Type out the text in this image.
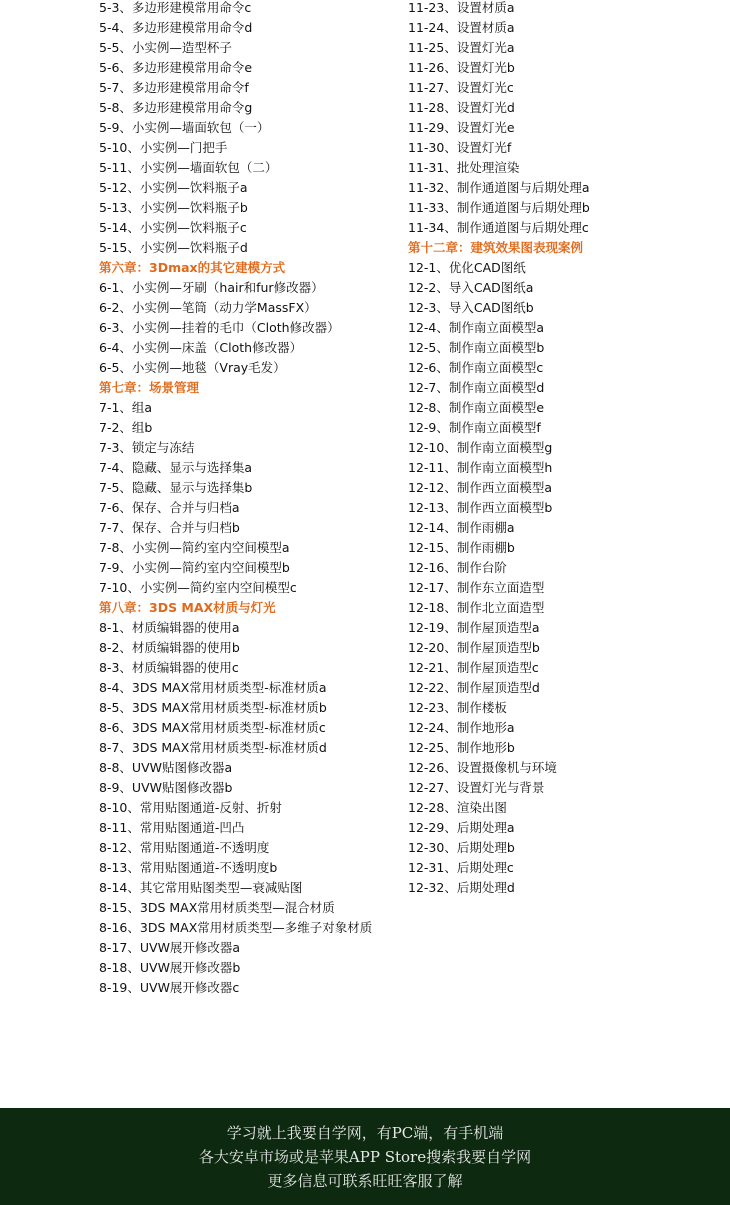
5-3、多边形建模常用命令c
5-4、多边形建模常用命令d
5-5、小实例—造型杯子
5-6、多边形建模常用命令e
5-7、多边形建模常用命令f
5-8、多边形建模常用命令g
5-9、小实例—墙面软包（一）
5-10、小实例—门把手
5-11、小实例—墙面软包（二）
5-12、小实例—饮料瓶子a
5-13、小实例—饮料瓶子b
5-14、小实例—饮料瓶子c
5-15、小实例—饮料瓶子d
第六章：3Dmax的其它建模方式
6-1、小实例—牙刷（hair和fur修改器）
6-2、小实例—笔筒（动力学MassFX）
6-3、小实例—挂着的毛巾（Cloth修改器）
6-4、小实例—床盖（Cloth修改器）
6-5、小实例—地毯（Vray毛发）
第七章：场景管理
7-1、组a
7-2、组b
7-3、锁定与冻结
7-4、隐藏、显示与选择集a
7-5、隐藏、显示与选择集b
7-6、保存、合并与归档a
7-7、保存、合并与归档b
7-8、小实例—简约室内空间模型a
7-9、小实例—简约室内空间模型b
7-10、小实例—简约室内空间模型c
第八章：3DS MAX材质与灯光
8-1、材质编辑器的使用a
8-2、材质编辑器的使用b
8-3、材质编辑器的使用c
8-4、3DS MAX常用材质类型-标准材质a
8-5、3DS MAX常用材质类型-标准材质b
8-6、3DS MAX常用材质类型-标准材质c
8-7、3DS MAX常用材质类型-标准材质d
8-8、UVW贴图修改器a
8-9、UVW贴图修改器b
8-10、常用贴图通道-反射、折射
8-11、常用贴图通道-凹凸
8-12、常用贴图通道-不透明度
8-13、常用贴图通道-不透明度b
8-14、其它常用贴图类型—衰减贴图
8-15、3DS MAX常用材质类型—混合材质
8-16、3DS MAX常用材质类型—多维子对象材质
8-17、UVW展开修改器a
8-18、UVW展开修改器b
8-19、UVW展开修改器c
11-23、设置材质a
11-24、设置材质a
11-25、设置灯光a
11-26、设置灯光b
11-27、设置灯光c
11-28、设置灯光d
11-29、设置灯光e
11-30、设置灯光f
11-31、批处理渲染
11-32、制作通道图与后期处理a
11-33、制作通道图与后期处理b
11-34、制作通道图与后期处理c
第十二章：建筑效果图表现案例
12-1、优化CAD图纸
12-2、导入CAD图纸a
12-3、导入CAD图纸b
12-4、制作南立面模型a
12-5、制作南立面模型b
12-6、制作南立面模型c
12-7、制作南立面模型d
12-8、制作南立面模型e
12-9、制作南立面模型f
12-10、制作南立面模型g
12-11、制作南立面模型h
12-12、制作西立面模型a
12-13、制作西立面模型b
12-14、制作雨棚a
12-15、制作雨棚b
12-16、制作台阶
12-17、制作东立面造型
12-18、制作北立面造型
12-19、制作屋顶造型a
12-20、制作屋顶造型b
12-21、制作屋顶造型c
12-22、制作屋顶造型d
12-23、制作楼板
12-24、制作地形a
12-25、制作地形b
12-26、设置摄像机与环境
12-27、设置灯光与背景
12-28、渲染出图
12-29、后期处理a
12-30、后期处理b
12-31、后期处理c
12-32、后期处理d
学习就上我要自学网，有PC端，有手机端
各大安卓市场或是苹果APP Store搜索我要自学网
更多信息可联系旺旺客服了解
